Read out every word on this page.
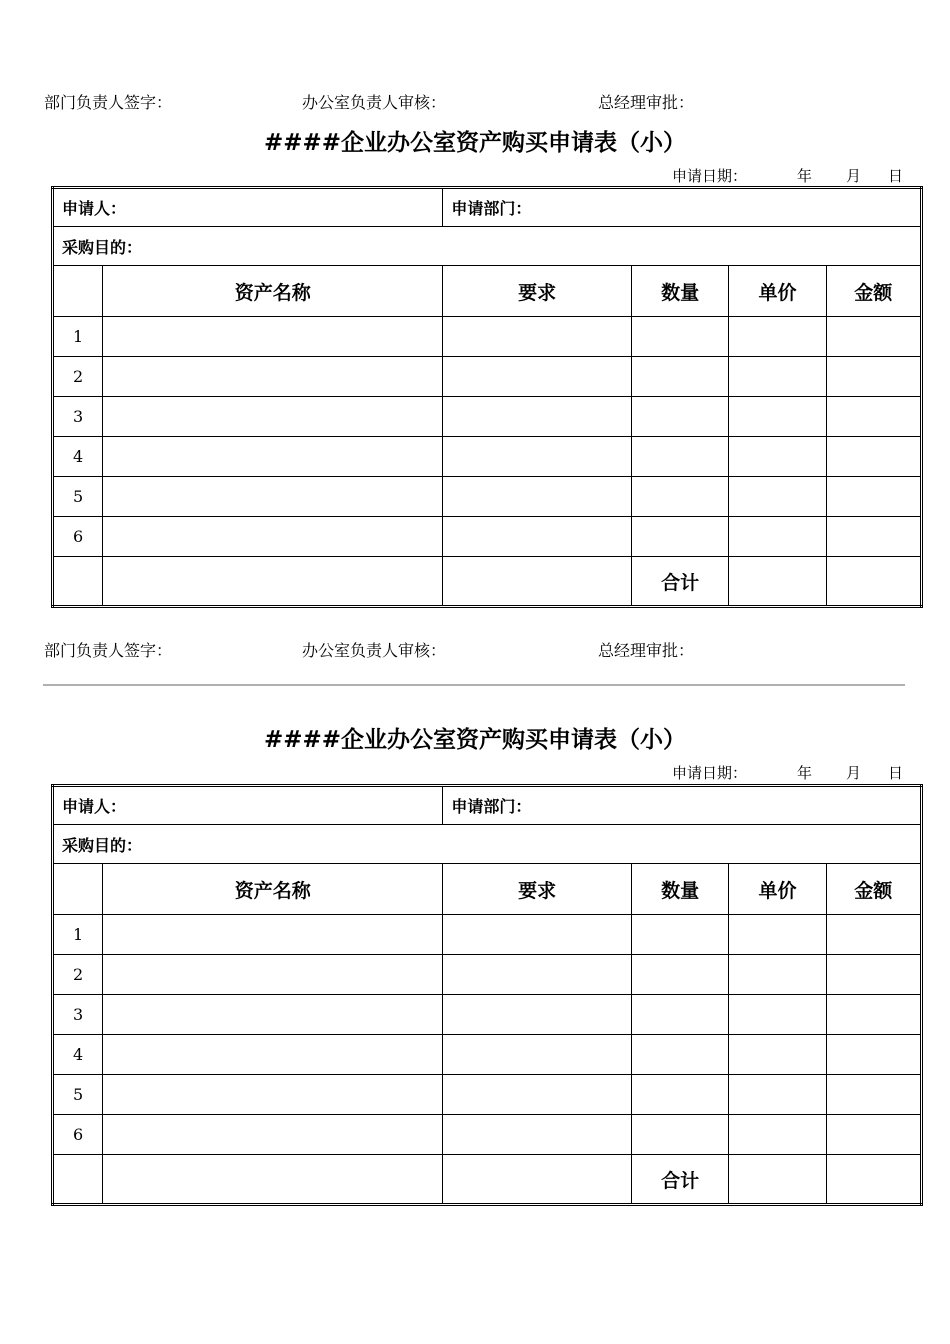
部门负责人签字：	办公室负责人审核：	总经理审批：
####企业办公室资产购买申请表（小）
申请日期：	年 月 日
申请人：		申请部门：			
采购目的：					
	资产名称	要求	数量	单价	金额
1					
2					
3					
4					
5					
6					
			合计		
部门负责人签字：	办公室负责人审核：	总经理审批：
####企业办公室资产购买申请表（小）
申请日期：	年 月 日
申请人：		申请部门：			
采购目的：					
	资产名称	要求	数量	单价	金额
1					
2					
3					
4					
5					
6					
			合计		
